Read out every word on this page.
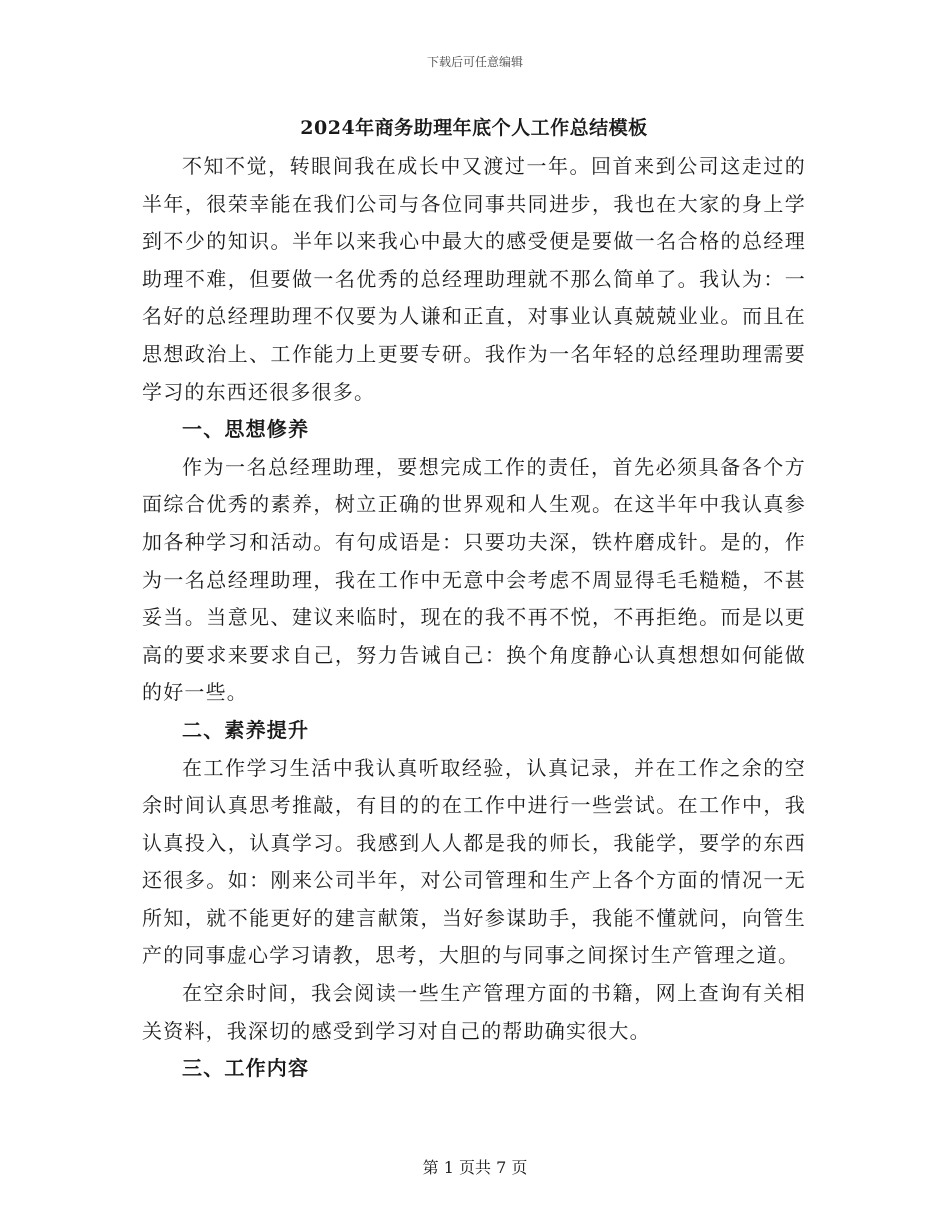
下载后可任意编辑
2024年商务助理年底个人工作总结模板

不知不觉，转眼间我在成长中又渡过一年。回首来到公司这走过的半年，很荣幸能在我们公司与各位同事共同进步，我也在大家的身上学到不少的知识。半年以来我心中最大的感受便是要做一名合格的总经理助理不难，但要做一名优秀的总经理助理就不那么简单了。我认为：一名好的总经理助理不仅要为人谦和正直，对事业认真兢兢业业。而且在思想政治上、工作能力上更要专研。我作为一名年轻的总经理助理需要学习的东西还很多很多。

一、思想修养

作为一名总经理助理，要想完成工作的责任，首先必须具备各个方面综合优秀的素养，树立正确的世界观和人生观。在这半年中我认真参加各种学习和活动。有句成语是：只要功夫深，铁杵磨成针。是的，作为一名总经理助理，我在工作中无意中会考虑不周显得毛毛糙糙，不甚妥当。当意见、建议来临时，现在的我不再不悦，不再拒绝。而是以更高的要求来要求自己，努力告诫自己：换个角度静心认真想想如何能做的好一些。

二、素养提升

在工作学习生活中我认真听取经验，认真记录，并在工作之余的空余时间认真思考推敲，有目的的在工作中进行一些尝试。在工作中，我认真投入，认真学习。我感到人人都是我的师长，我能学，要学的东西还很多。如：刚来公司半年，对公司管理和生产上各个方面的情况一无所知，就不能更好的建言献策，当好参谋助手，我能不懂就问，向管生产的同事虚心学习请教，思考，大胆的与同事之间探讨生产管理之道。

在空余时间，我会阅读一些生产管理方面的书籍，网上查询有关相关资料，我深切的感受到学习对自己的帮助确实很大。

三、工作内容

第 1 页共 7 页
